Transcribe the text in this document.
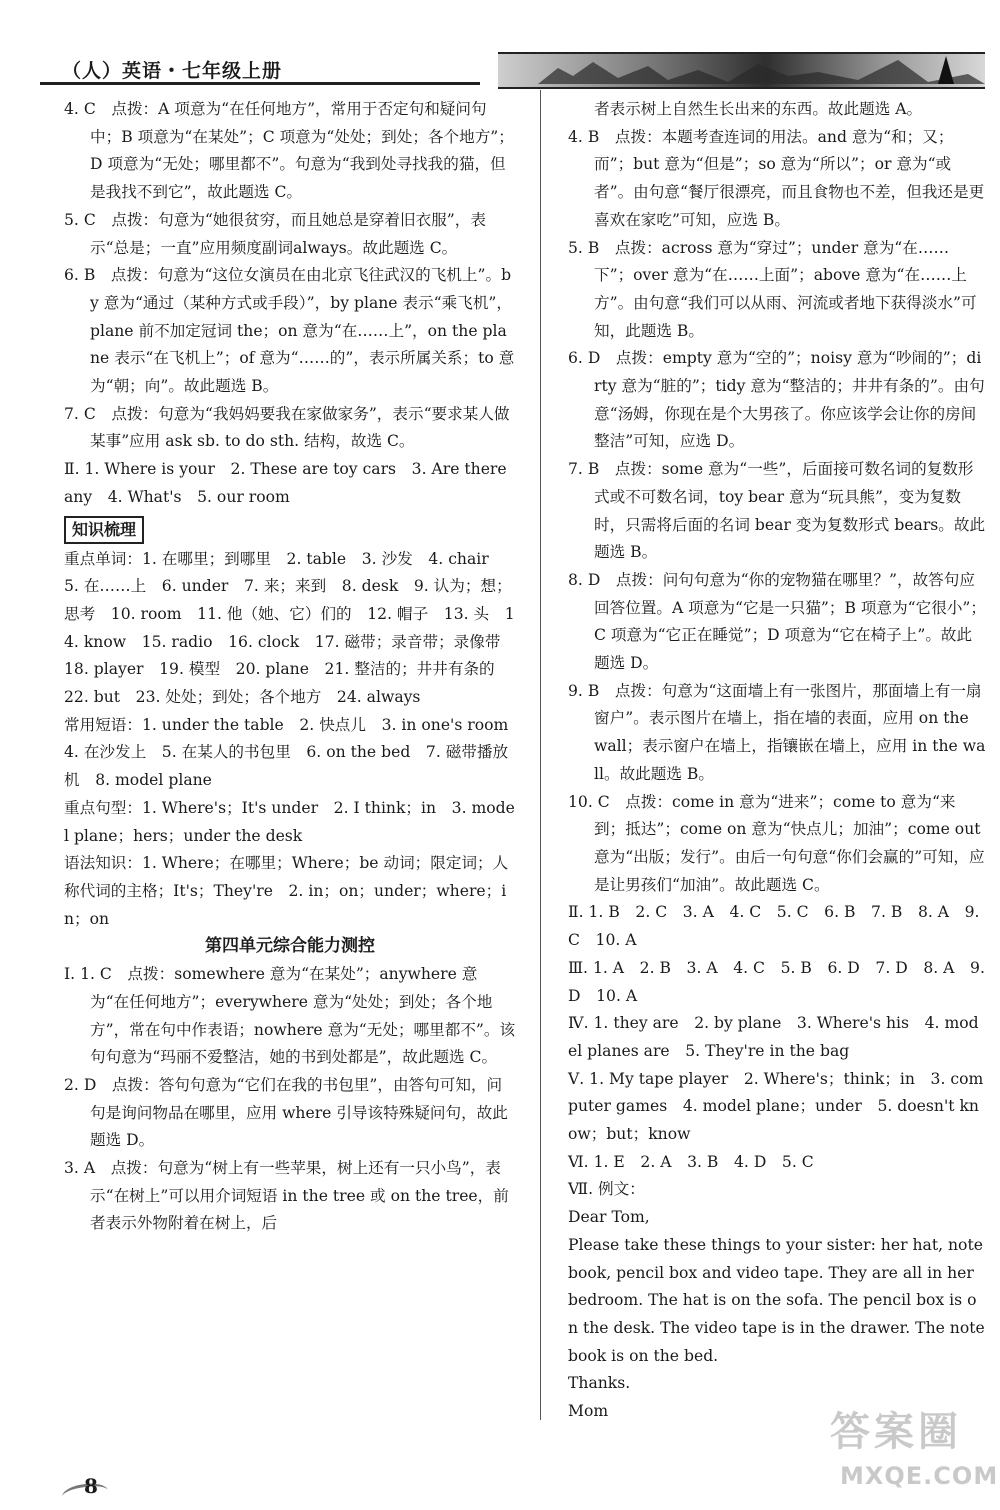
（人）英语・七年级上册

4. C　点拨：A 项意为“在任何地方”，常用于否定句和疑问句中；B 项意为“在某处”；C 项意为“处处；到处；各个地方”；D 项意为“无处；哪里都不”。句意为“我到处寻找我的猫，但是我找不到它”，故此题选 C。

5. C　点拨：句意为“她很贫穷，而且她总是穿着旧衣服”，表示“总是；一直”应用频度副词always。故此题选 C。

6. B　点拨：句意为“这位女演员在由北京飞往武汉的飞机上”。by 意为“通过（某种方式或手段）”，by plane 表示“乘飞机”，plane 前不加定冠词 the；on 意为“在……上”，on the plane 表示“在飞机上”；of 意为“……的”，表示所属关系；to 意为“朝；向”。故此题选 B。

7. C　点拨：句意为“我妈妈要我在家做家务”，表示“要求某人做某事”应用 ask sb. to do sth. 结构，故选 C。

Ⅱ. 1. Where is your　2. These are toy cars　3. Are there any　4. What's　5. our room

知识梳理

重点单词：1. 在哪里；到哪里　2. table　3. 沙发　4. chair　5. 在……上　6. under　7. 来；来到　8. desk　9. 认为；想；思考　10. room　11. 他（她、它）们的　12. 帽子　13. 头　14. know　15. radio　16. clock　17. 磁带；录音带；录像带　18. player　19. 模型　20. plane　21. 整洁的；井井有条的　22. but　23. 处处；到处；各个地方　24. always

常用短语：1. under the table　2. 快点儿　3. in one's room　4. 在沙发上　5. 在某人的书包里　6. on the bed　7. 磁带播放机　8. model plane

重点句型：1. Where's；It's under　2. I think；in　3. model plane；hers；under the desk

语法知识：1. Where；在哪里；Where；be 动词；限定词；人称代词的主格；It's；They're　2. in；on；under；where；in；on

第四单元综合能力测控

Ⅰ. 1. C　点拨：somewhere 意为“在某处”；anywhere 意为“在任何地方”；everywhere 意为“处处；到处；各个地方”，常在句中作表语；nowhere 意为“无处；哪里都不”。该句句意为“玛丽不爱整洁，她的书到处都是”，故此题选 C。

2. D　点拨：答句句意为“它们在我的书包里”，由答句可知，问句是询问物品在哪里，应用 where 引导该特殊疑问句，故此题选 D。

3. A　点拨：句意为“树上有一些苹果，树上还有一只小鸟”，表示“在树上”可以用介词短语 in the tree 或 on the tree，前者表示外物附着在树上，后

者表示树上自然生长出来的东西。故此题选 A。

4. B　点拨：本题考查连词的用法。and 意为“和；又；而”；but 意为“但是”；so 意为“所以”；or 意为“或者”。由句意“餐厅很漂亮，而且食物也不差，但我还是更喜欢在家吃”可知，应选 B。

5. B　点拨：across 意为“穿过”；under 意为“在……下”；over 意为“在……上面”；above 意为“在……上方”。由句意“我们可以从雨、河流或者地下获得淡水”可知，此题选 B。

6. D　点拨：empty 意为“空的”；noisy 意为“吵闹的”；dirty 意为“脏的”；tidy 意为“整洁的；井井有条的”。由句意“汤姆，你现在是个大男孩了。你应该学会让你的房间整洁”可知，应选 D。

7. B　点拨：some 意为“一些”，后面接可数名词的复数形式或不可数名词，toy bear 意为“玩具熊”，变为复数时，只需将后面的名词 bear 变为复数形式 bears。故此题选 B。

8. D　点拨：问句句意为“你的宠物猫在哪里？”，故答句应回答位置。A 项意为“它是一只猫”；B 项意为“它很小”；C 项意为“它正在睡觉”；D 项意为“它在椅子上”。故此题选 D。

9. B　点拨：句意为“这面墙上有一张图片，那面墙上有一扇窗户”。表示图片在墙上，指在墙的表面，应用 on the wall；表示窗户在墙上，指镶嵌在墙上，应用 in the wall。故此题选 B。

10. C　点拨：come in 意为“进来”；come to 意为“来到；抵达”；come on 意为“快点儿；加油”；come out 意为“出版；发行”。由后一句句意“你们会赢的”可知，应是让男孩们“加油”。故此题选 C。

Ⅱ. 1. B　2. C　3. A　4. C　5. C　6. B　7. B　8. A　9. C　10. A

Ⅲ. 1. A　2. B　3. A　4. C　5. B　6. D　7. D　8. A　9. D　10. A

Ⅳ. 1. they are　2. by plane　3. Where's his　4. model planes are　5. They're in the bag

Ⅴ. 1. My tape player　2. Where's；think；in　3. computer games　4. model plane；under　5. doesn't know；but；know

Ⅵ. 1. E　2. A　3. B　4. D　5. C

Ⅶ. 例文：

Dear Tom,

Please take these things to your sister: her hat, notebook, pencil box and video tape. They are all in her bedroom. The hat is on the sofa. The pencil box is on the desk. The video tape is in the drawer. The notebook is on the bed.

Thanks.

Mom

8
答案圈
MXQE.COM
